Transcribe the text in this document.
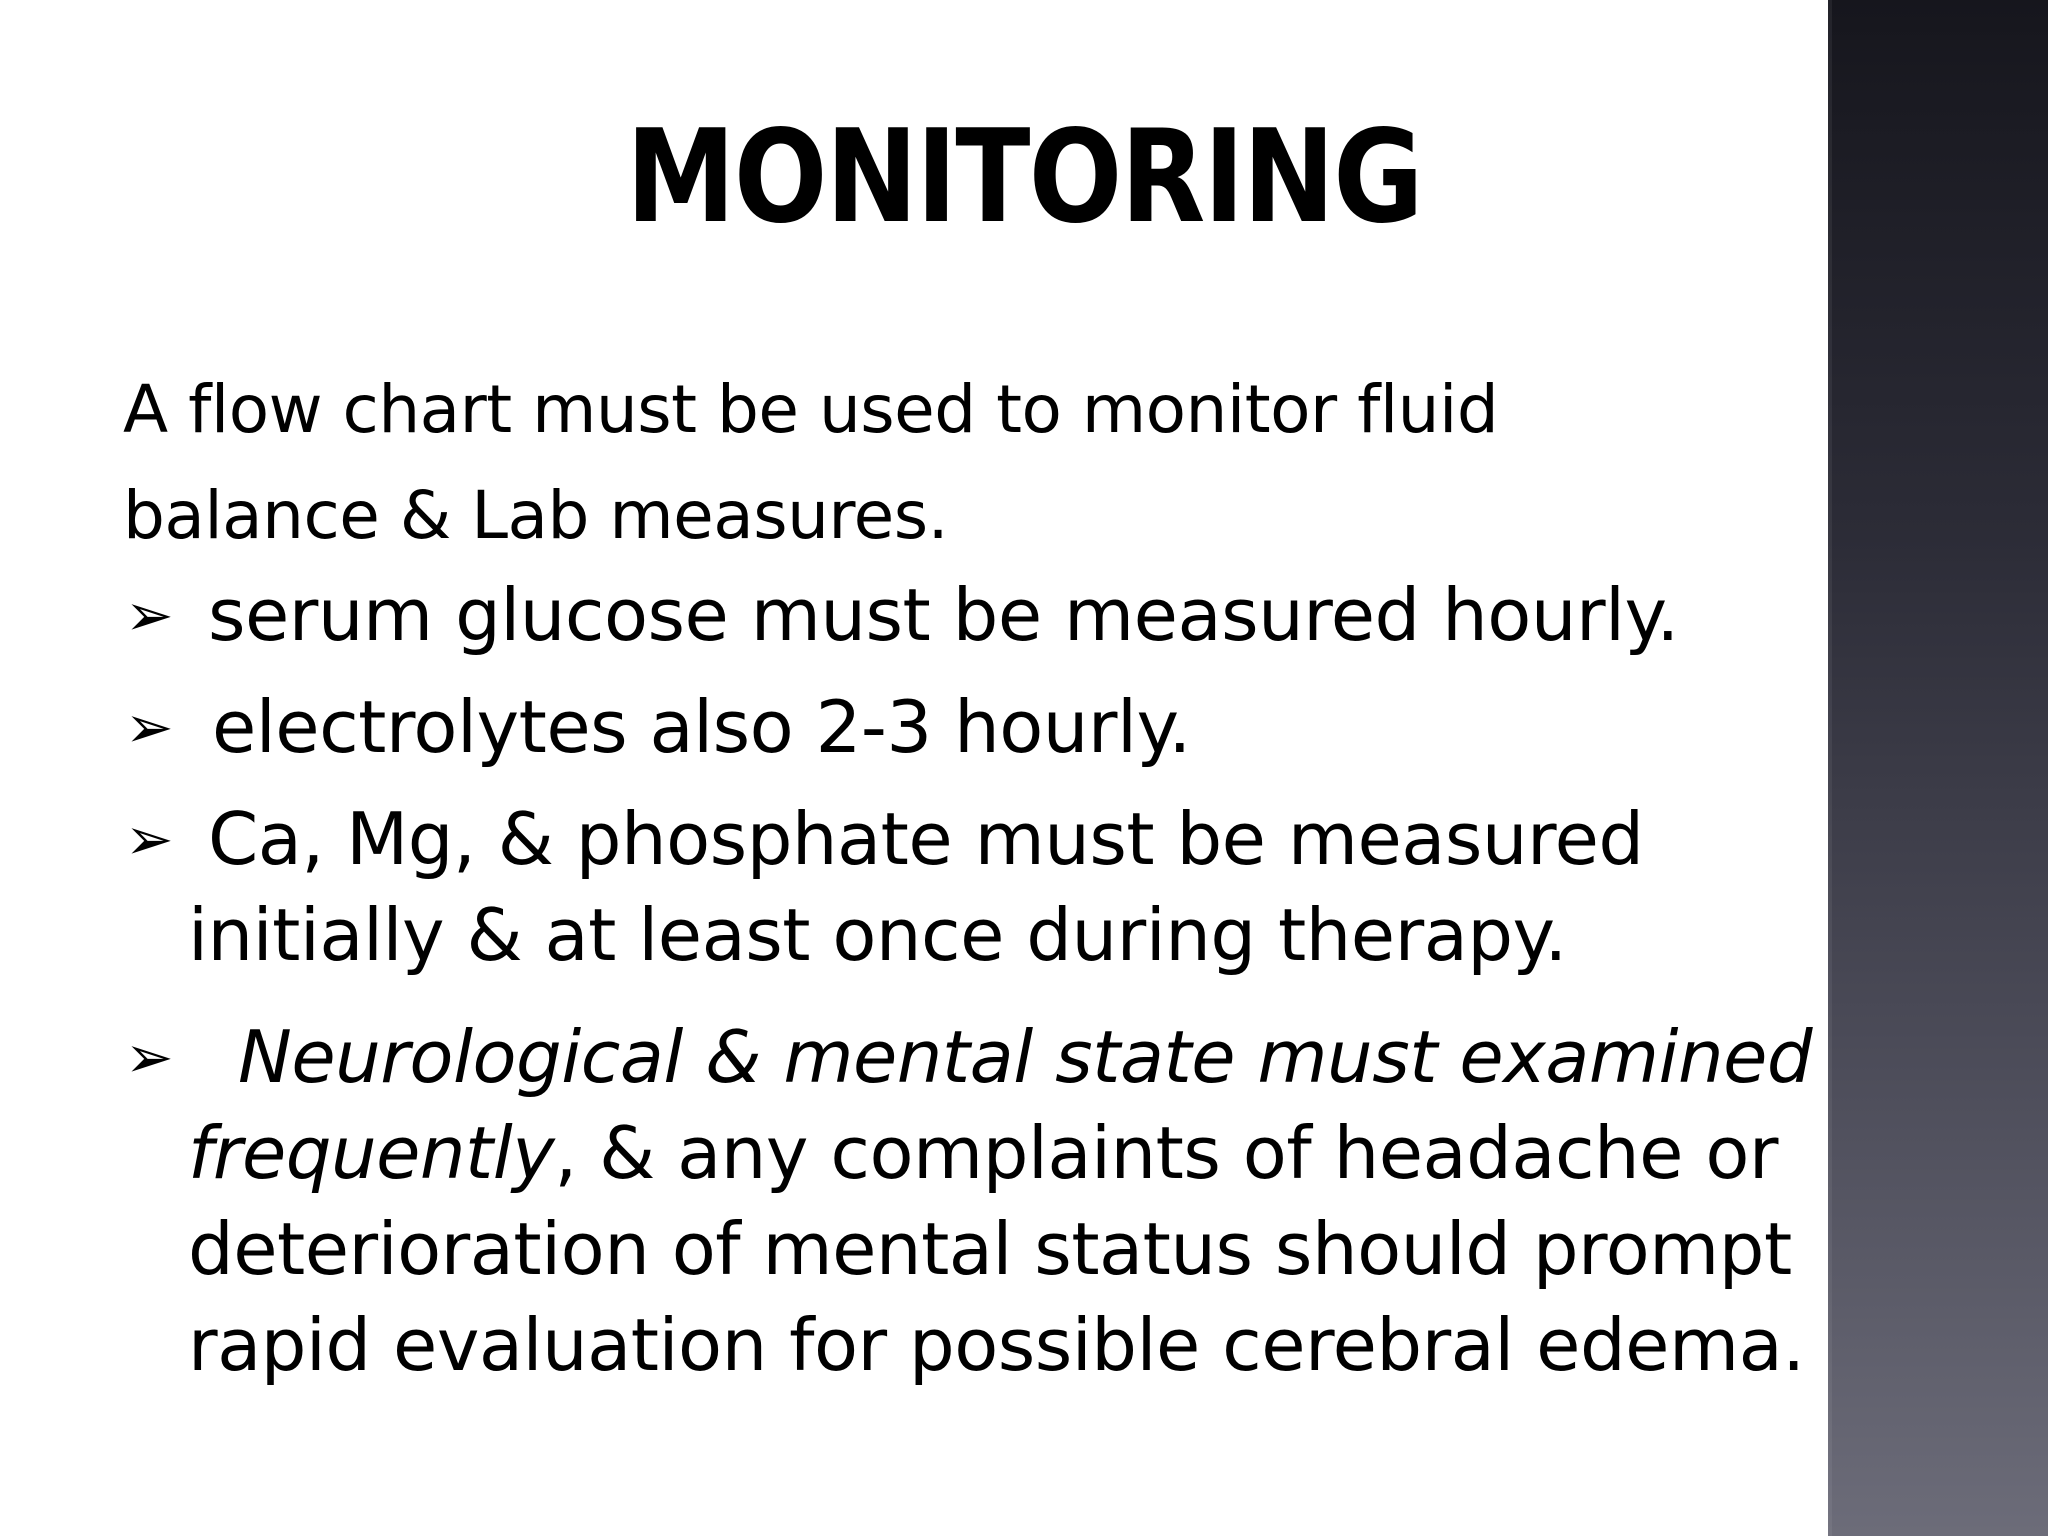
MONITORING
A flow chart must be used to monitor fluid
balance & Lab measures.
➢ serum glucose must be measured hourly.
➢ electrolytes also 2-3 hourly.
➢ Ca, Mg, & phosphate must be measured
initially & at least once during therapy.
➢ Neurological & mental state must examined
frequently, & any complaints of headache or
deterioration of mental status should prompt
rapid evaluation for possible cerebral edema.
